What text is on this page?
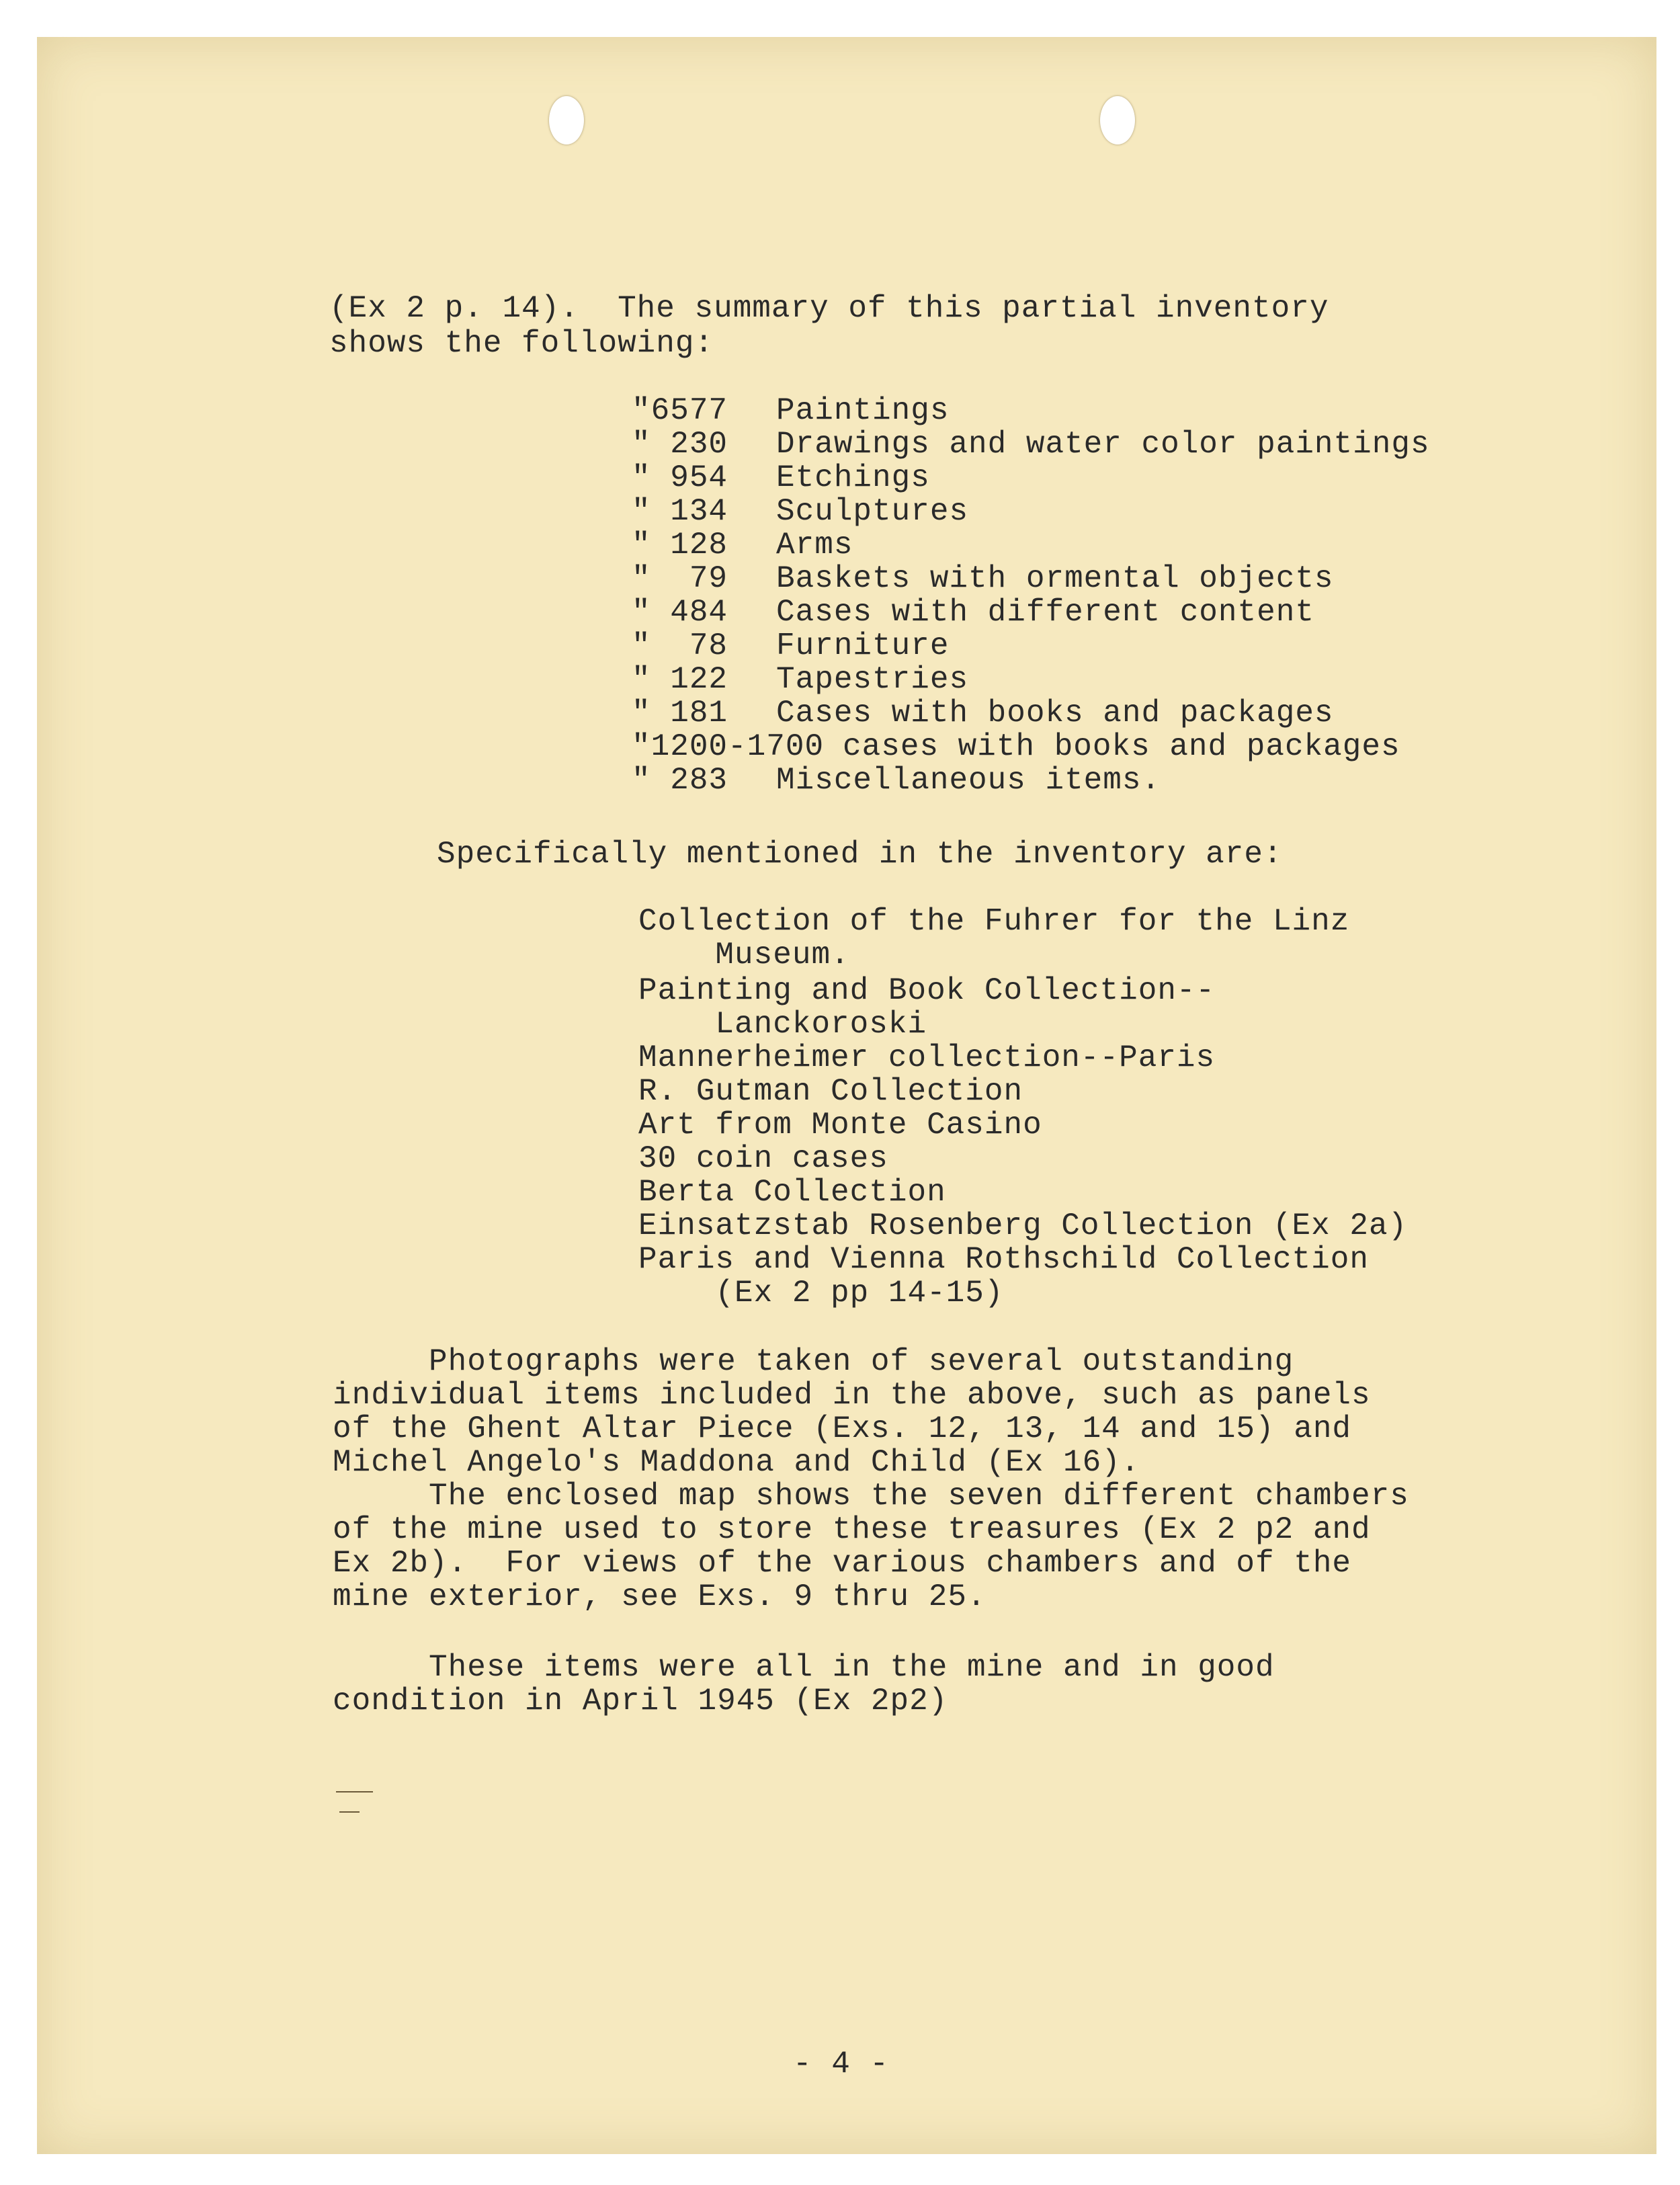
(Ex 2 p. 14).  The summary of this partial inventory
shows the following:
"6577 Paintings
" 230 Drawings and water color paintings
" 954 Etchings
" 134 Sculptures
" 128 Arms
"  79 Baskets with ormental objects
" 484 Cases with different content
"  78 Furniture
" 122 Tapestries
" 181 Cases with books and packages
"1200-1700 cases with books and packages
" 283 Miscellaneous items.
Specifically mentioned in the inventory are:
Collection of the Fuhrer for the Linz
Museum.
Painting and Book Collection--
Lanckoroski
Mannerheimer collection--Paris
R. Gutman Collection
Art from Monte Casino
30 coin cases
Berta Collection
Einsatzstab Rosenberg Collection (Ex 2a)
Paris and Vienna Rothschild Collection
(Ex 2 pp 14-15)
Photographs were taken of several outstanding
individual items included in the above, such as panels
of the Ghent Altar Piece (Exs. 12, 13, 14 and 15) and
Michel Angelo's Maddona and Child (Ex 16).
The enclosed map shows the seven different chambers
of the mine used to store these treasures (Ex 2 p2 and
Ex 2b).  For views of the various chambers and of the
mine exterior, see Exs. 9 thru 25.
These items were all in the mine and in good
condition in April 1945 (Ex 2p2)
- 4 -
